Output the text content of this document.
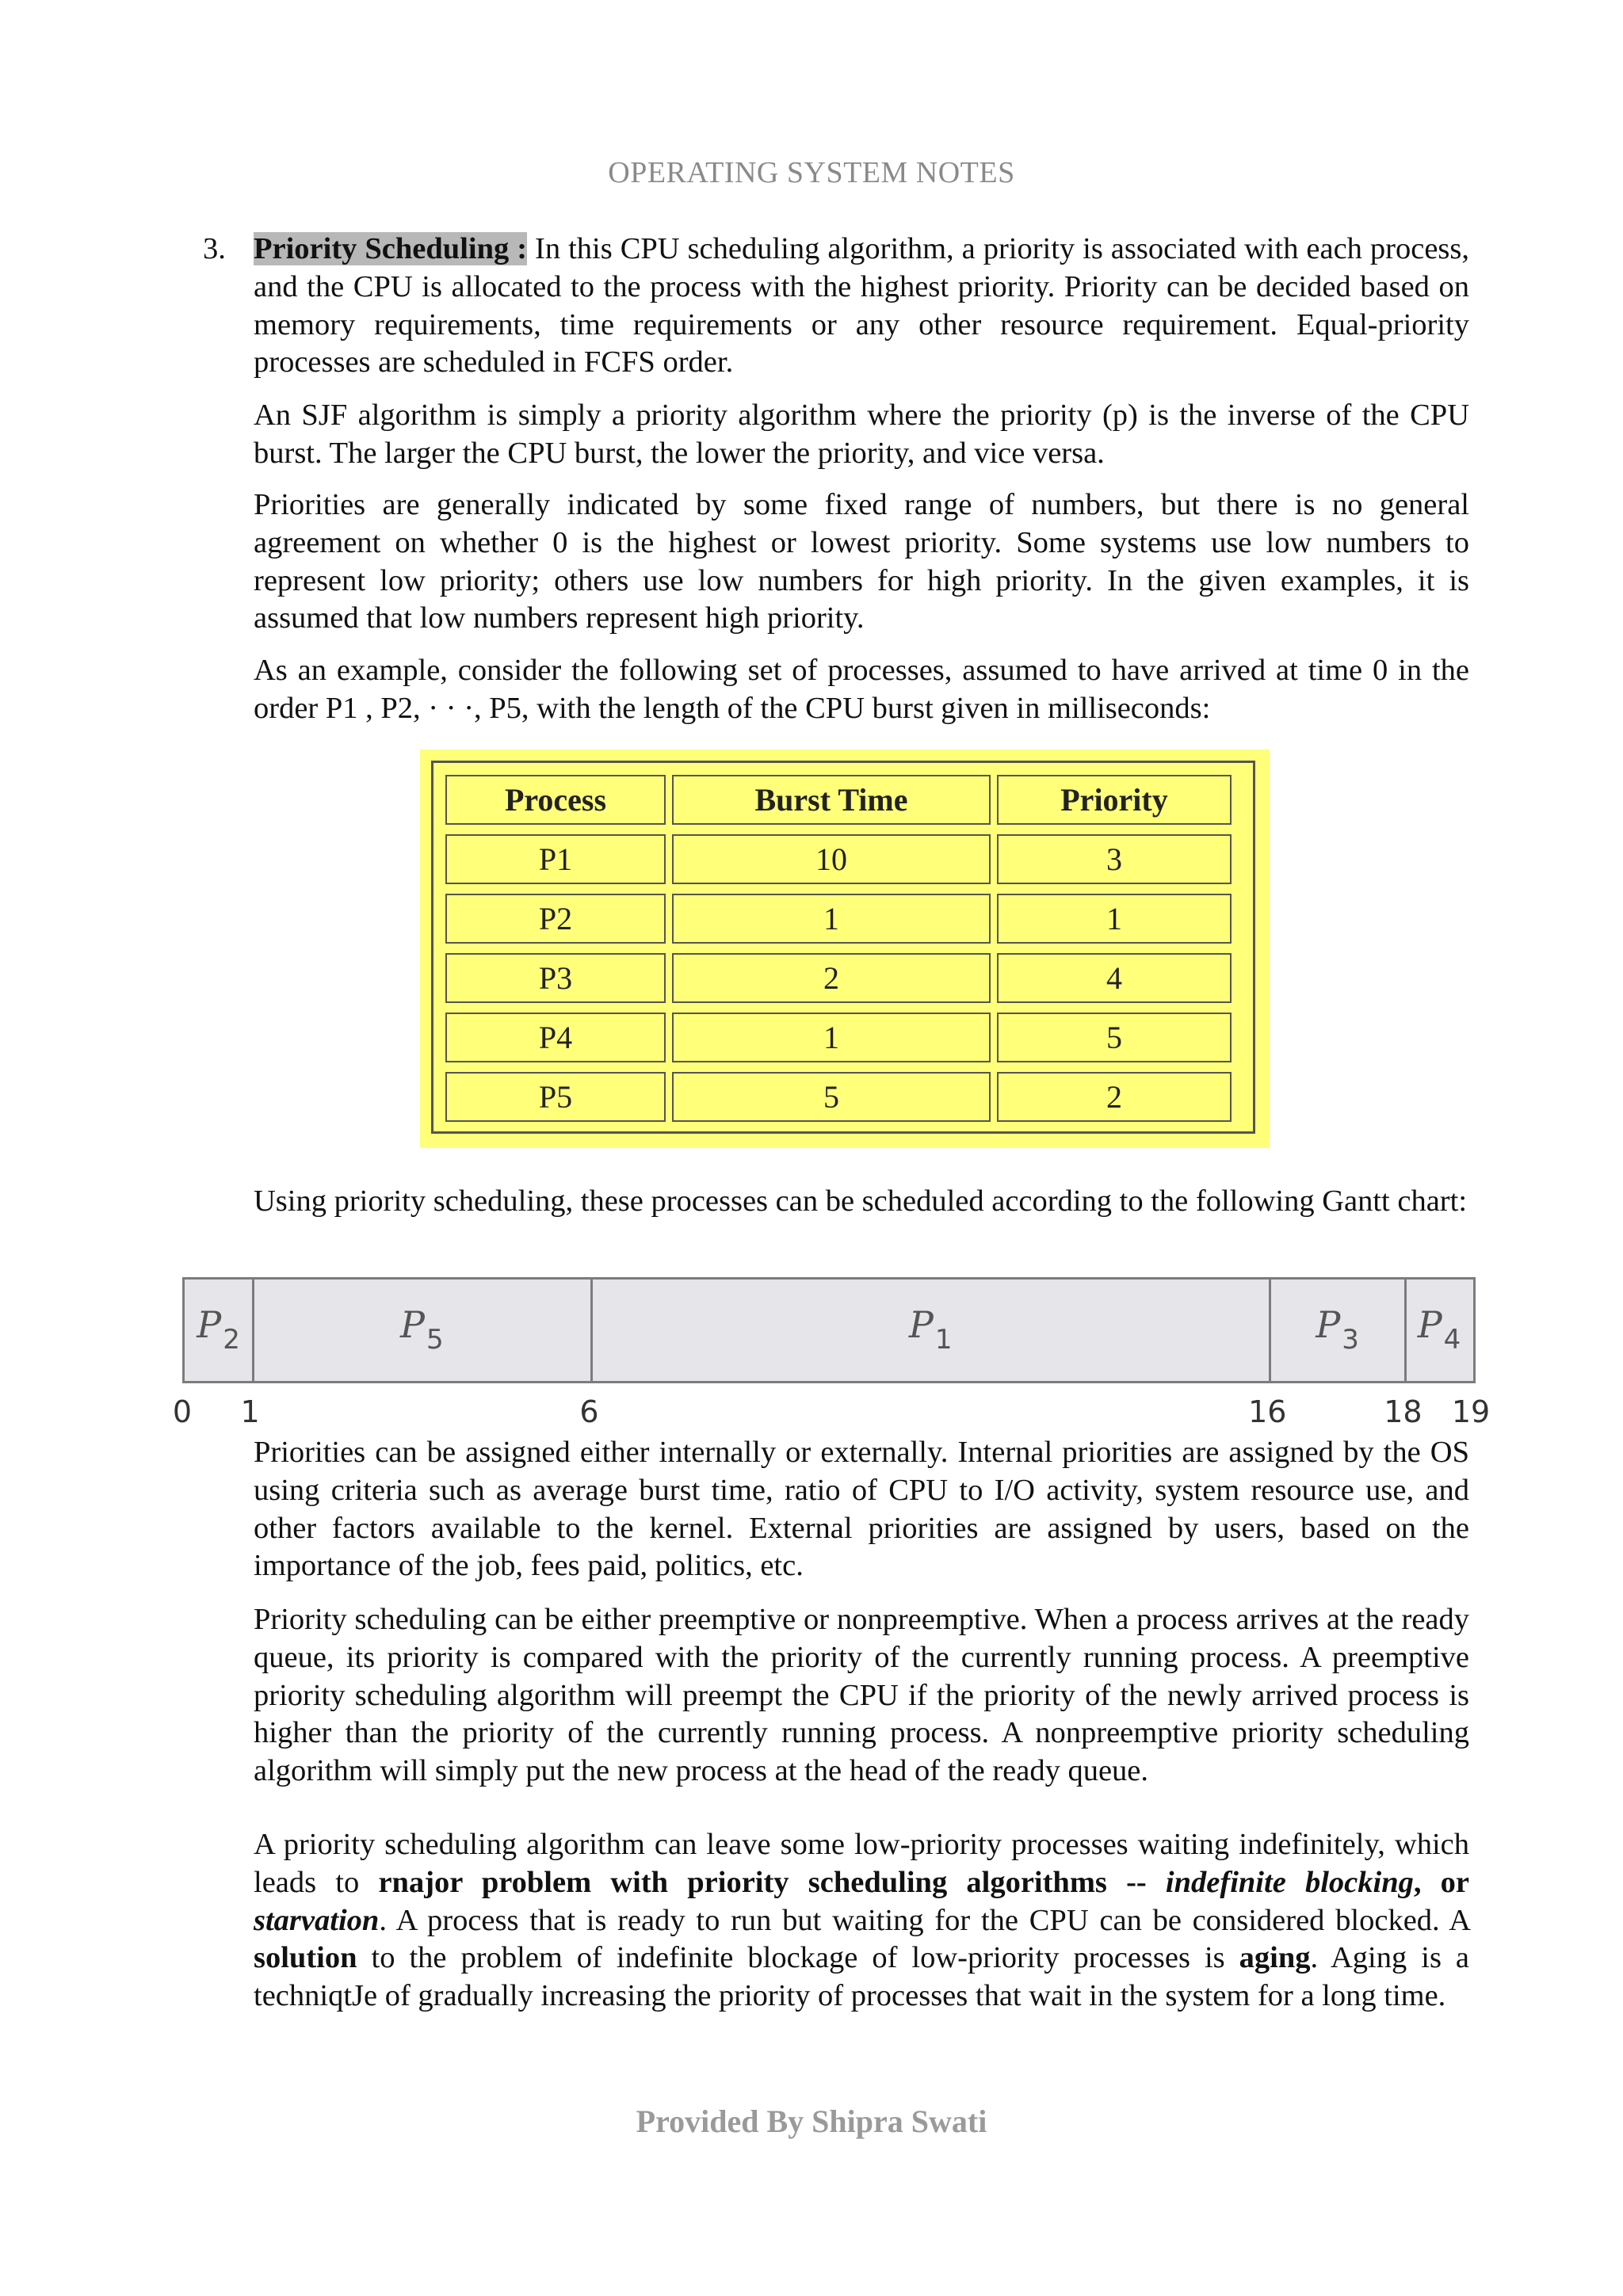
OPERATING SYSTEM NOTES
3. Priority Scheduling : In this CPU scheduling algorithm, a priority is associated with each process, and the CPU is allocated to the process with the highest priority. Priority can be decided based on memory requirements, time requirements or any other resource requirement. Equal-priority processes are scheduled in FCFS order.

An SJF algorithm is simply a priority algorithm where the priority (p) is the inverse of the CPU burst. The larger the CPU burst, the lower the priority, and vice versa.

Priorities are generally indicated by some fixed range of numbers, but there is no general agreement on whether 0 is the highest or lowest priority. Some systems use low numbers to represent low priority; others use low numbers for high priority. In the given examples, it is assumed that low numbers represent high priority.

As an example, consider the following set of processes, assumed to have arrived at time 0 in the order P1 , P2, · · ·, P5, with the length of the CPU burst given in milliseconds:

Process	Burst Time	Priority
P1	10	3
P2	1	1
P3	2	4
P4	1	5
P5	5	2

Using priority scheduling, these processes can be scheduled according to the following Gantt chart:

$P_2$	$P_5$	$P_1$	$P_3$ $P_4$
0 1	6	16	18 19

Priorities can be assigned either internally or externally. Internal priorities are assigned by the OS using criteria such as average burst time, ratio of CPU to I/O activity, system resource use, and other factors available to the kernel. External priorities are assigned by users, based on the importance of the job, fees paid, politics, etc.

Priority scheduling can be either preemptive or nonpreemptive. When a process arrives at the ready queue, its priority is compared with the priority of the currently running process. A preemptive priority scheduling algorithm will preempt the CPU if the priority of the newly arrived process is higher than the priority of the currently running process. A nonpreemptive priority scheduling algorithm will simply put the new process at the head of the ready queue.

A priority scheduling algorithm can leave some low-priority processes waiting indefinitely, which leads to rnajor problem with priority scheduling algorithms -- indefinite blocking, or starvation. A process that is ready to run but waiting for the CPU can be considered blocked. A solution to the problem of indefinite blockage of low-priority processes is aging. Aging is a techniqtJe of gradually increasing the priority of processes that wait in the system for a long time.

Provided By Shipra Swati
